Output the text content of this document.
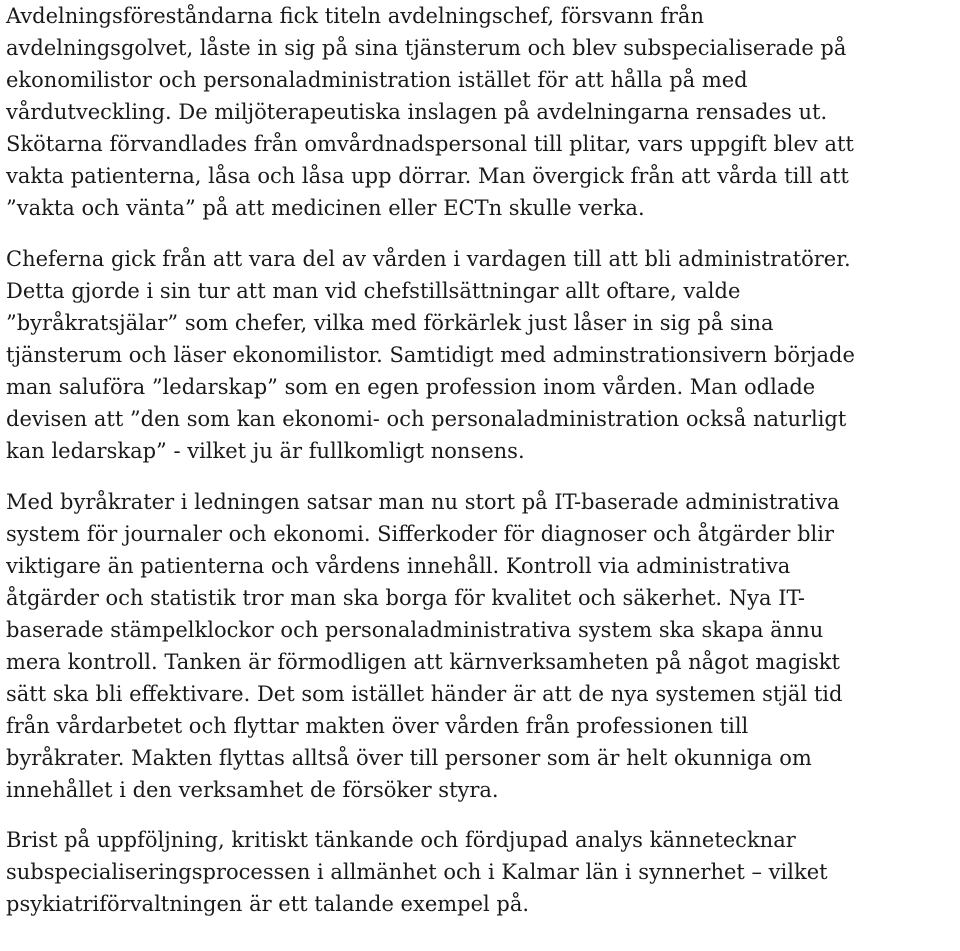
Avdelningsföreståndarna fick titeln avdelningschef, försvann från
avdelningsgolvet, låste in sig på sina tjänsterum och blev subspecialiserade på
ekonomilistor och personaladministration istället för att hålla på med
vårdutveckling. De miljöterapeutiska inslagen på avdelningarna rensades ut.
Skötarna förvandlades från omvårdnadspersonal till plitar, vars uppgift blev att
vakta patienterna, låsa och låsa upp dörrar. Man övergick från att vårda till att
”vakta och vänta” på att medicinen eller ECTn skulle verka.

Cheferna gick från att vara del av vården i vardagen till att bli administratörer.
Detta gjorde i sin tur att man vid chefstillsättningar allt oftare, valde
”byråkratsjälar” som chefer, vilka med förkärlek just låser in sig på sina
tjänsterum och läser ekonomilistor. Samtidigt med adminstrationsivern började
man saluföra ”ledarskap” som en egen profession inom vården. Man odlade
devisen att ”den som kan ekonomi- och personaladministration också naturligt
kan ledarskap” - vilket ju är fullkomligt nonsens.

Med byråkrater i ledningen satsar man nu stort på IT-baserade administrativa
system för journaler och ekonomi. Sifferkoder för diagnoser och åtgärder blir
viktigare än patienterna och vårdens innehåll. Kontroll via administrativa
åtgärder och statistik tror man ska borga för kvalitet och säkerhet. Nya IT-
baserade stämpelklockor och personaladministrativa system ska skapa ännu
mera kontroll. Tanken är förmodligen att kärnverksamheten på något magiskt
sätt ska bli effektivare. Det som istället händer är att de nya systemen stjäl tid
från vårdarbetet och flyttar makten över vården från professionen till
byråkrater. Makten flyttas alltså över till personer som är helt okunniga om
innehållet i den verksamhet de försöker styra.

Brist på uppföljning, kritiskt tänkande och fördjupad analys kännetecknar
subspecialiseringsprocessen i allmänhet och i Kalmar län i synnerhet – vilket
psykiatriförvaltningen är ett talande exempel på.
